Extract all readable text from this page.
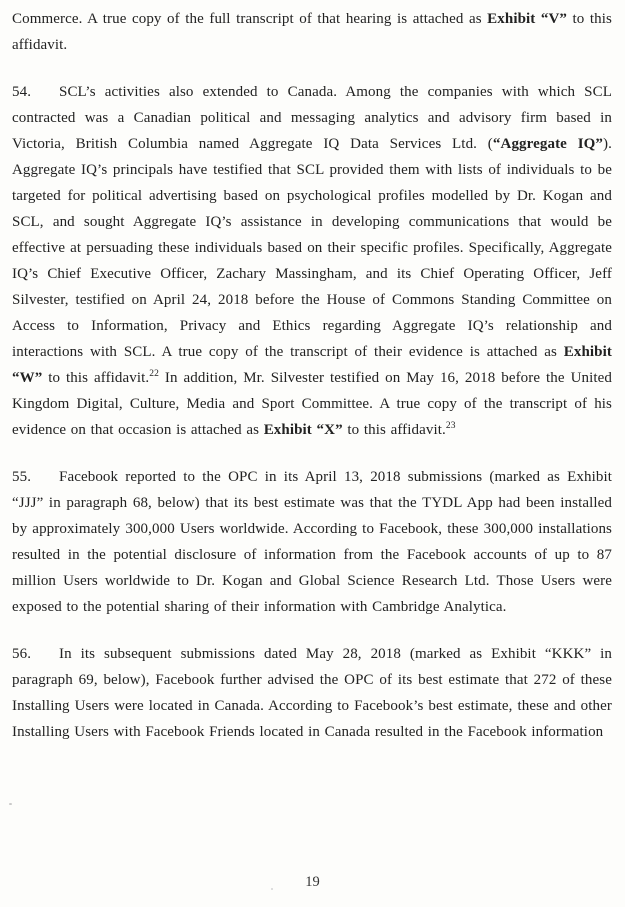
Commerce. A true copy of the full transcript of that hearing is attached as Exhibit “V” to this affidavit.

54. SCL’s activities also extended to Canada. Among the companies with which SCL contracted was a Canadian political and messaging analytics and advisory firm based in Victoria, British Columbia named Aggregate IQ Data Services Ltd. (“Aggregate IQ”). Aggregate IQ’s principals have testified that SCL provided them with lists of individuals to be targeted for political advertising based on psychological profiles modelled by Dr. Kogan and SCL, and sought Aggregate IQ’s assistance in developing communications that would be effective at persuading these individuals based on their specific profiles. Specifically, Aggregate IQ’s Chief Executive Officer, Zachary Massingham, and its Chief Operating Officer, Jeff Silvester, testified on April 24, 2018 before the House of Commons Standing Committee on Access to Information, Privacy and Ethics regarding Aggregate IQ’s relationship and interactions with SCL. A true copy of the transcript of their evidence is attached as Exhibit “W” to this affidavit.$^{22}$ In addition, Mr. Silvester testified on May 16, 2018 before the United Kingdom Digital, Culture, Media and Sport Committee. A true copy of the transcript of his evidence on that occasion is attached as Exhibit “X” to this affidavit.$^{23}$

55. Facebook reported to the OPC in its April 13, 2018 submissions (marked as Exhibit “JJJ” in paragraph 68, below) that its best estimate was that the TYDL App had been installed by approximately 300,000 Users worldwide. According to Facebook, these 300,000 installations resulted in the potential disclosure of information from the Facebook accounts of up to 87 million Users worldwide to Dr. Kogan and Global Science Research Ltd. Those Users were exposed to the potential sharing of their information with Cambridge Analytica.

56. In its subsequent submissions dated May 28, 2018 (marked as Exhibit “KKK” in paragraph 69, below), Facebook further advised the OPC of its best estimate that 272 of these Installing Users were located in Canada. According to Facebook’s best estimate, these and other Installing Users with Facebook Friends located in Canada resulted in the Facebook information

19
